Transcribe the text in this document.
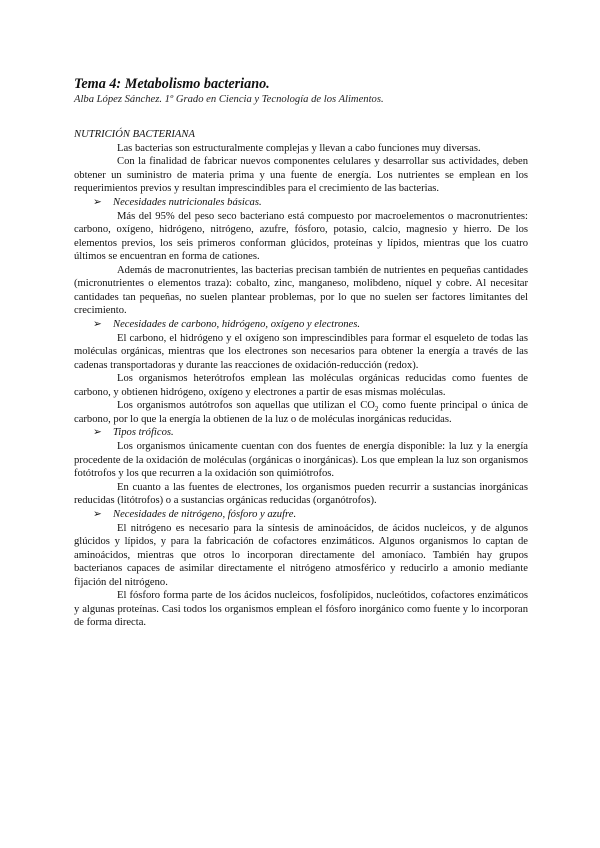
Tema 4: Metabolismo bacteriano.
Alba López Sánchez. 1º Grado en Ciencia y Tecnología de los Alimentos.
NUTRICIÓN BACTERIANA

Las bacterias son estructuralmente complejas y llevan a cabo funciones muy diversas.

Con la finalidad de fabricar nuevos componentes celulares y desarrollar sus actividades, deben obtener un suministro de materia prima y una fuente de energía. Los nutrientes se emplean en los requerimientos previos y resultan imprescindibles para el crecimiento de las bacterias.

➢	Necesidades nutricionales básicas.

Más del 95% del peso seco bacteriano está compuesto por macroelementos o macronutrientes: carbono, oxígeno, hidrógeno, nitrógeno, azufre, fósforo, potasio, calcio, magnesio y hierro. De los elementos previos, los seis primeros conforman glúcidos, proteínas y lípidos, mientras que los cuatro últimos se encuentran en forma de cationes.

Además de macronutrientes, las bacterias precisan también de nutrientes en pequeñas cantidades (micronutrientes o elementos traza): cobalto, zinc, manganeso, molibdeno, níquel y cobre. Al necesitar cantidades tan pequeñas, no suelen plantear problemas, por lo que no suelen ser factores limitantes del crecimiento.

➢	Necesidades de carbono, hidrógeno, oxígeno y electrones.

El carbono, el hidrógeno y el oxígeno son imprescindibles para formar el esqueleto de todas las moléculas orgánicas, mientras que los electrones son necesarios para obtener la energía a través de las cadenas transportadoras y durante las reacciones de oxidación-reducción (redox).

Los organismos heterótrofos emplean las moléculas orgánicas reducidas como fuentes de carbono, y obtienen hidrógeno, oxígeno y electrones a partir de esas mismas moléculas.

Los organismos autótrofos son aquellas que utilizan el $CO_2$ como fuente principal o única de carbono, por lo que la energía la obtienen de la luz o de moléculas inorgánicas reducidas.

➢	Tipos tróficos.

Los organismos únicamente cuentan con dos fuentes de energía disponible: la luz y la energía procedente de la oxidación de moléculas (orgánicas o inorgánicas). Los que emplean la luz son organismos fotótrofos y los que recurren a la oxidación son quimiótrofos.

En cuanto a las fuentes de electrones, los organismos pueden recurrir a sustancias inorgánicas reducidas (litótrofos) o a sustancias orgánicas reducidas (organótrofos).

➢	Necesidades de nitrógeno, fósforo y azufre.

El nitrógeno es necesario para la síntesis de aminoácidos, de ácidos nucleicos, y de algunos glúcidos y lípidos, y para la fabricación de cofactores enzimáticos. Algunos organismos lo captan de aminoácidos, mientras que otros lo incorporan directamente del amoníaco. También hay grupos bacterianos capaces de asimilar directamente el nitrógeno atmosférico y reducirlo a amonio mediante fijación del nitrógeno.

El fósforo forma parte de los ácidos nucleicos, fosfolípidos, nucleótidos, cofactores enzimáticos y algunas proteínas. Casi todos los organismos emplean el fósforo inorgánico como fuente y lo incorporan de forma directa.
